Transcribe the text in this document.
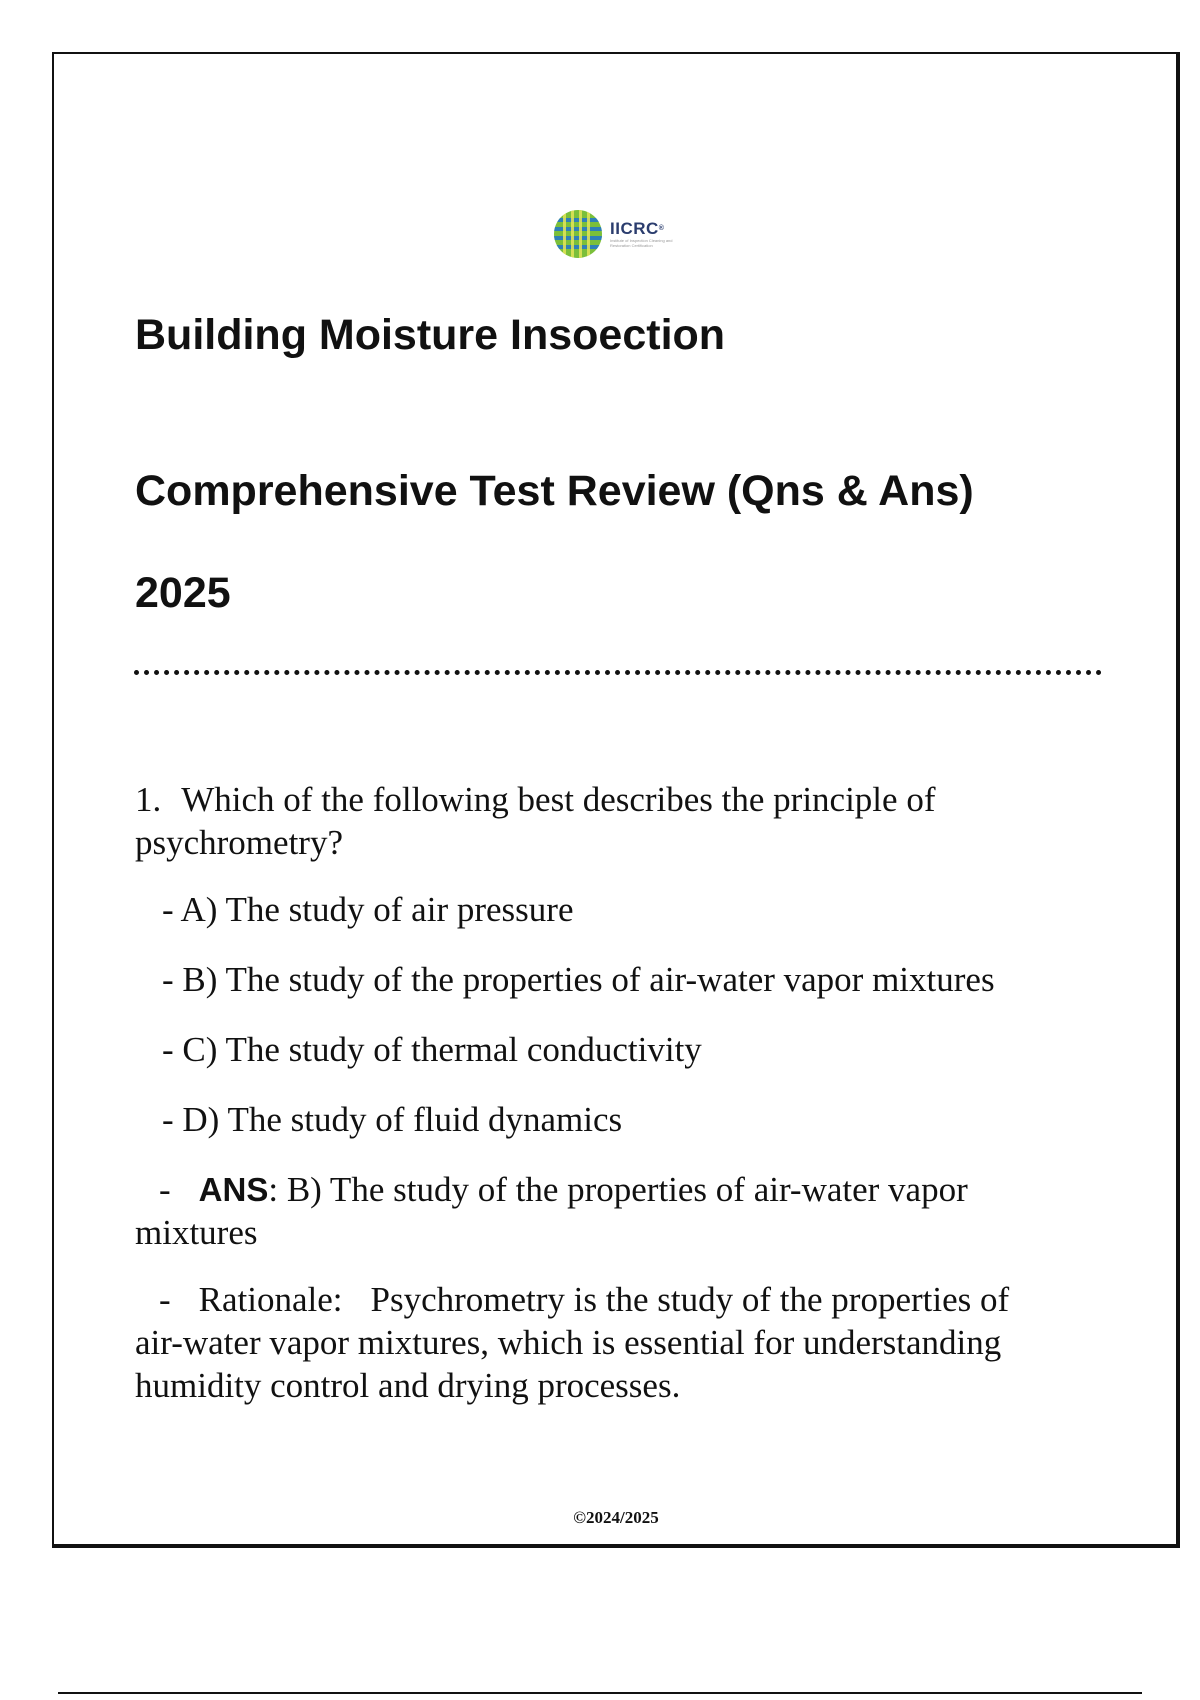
IICRC®
Institute of Inspection Cleaning and Restoration Certification
Building Moisture Insoection
Comprehensive Test Review (Qns & Ans)
2025
1. Which of the following best describes the principle of psychrometry?
- A) The study of air pressure
- B) The study of the properties of air-water vapor mixtures
- C) The study of thermal conductivity
- D) The study of fluid dynamics
- ANS: B) The study of the properties of air-water vapor mixtures
- Rationale: Psychrometry is the study of the properties of air-water vapor mixtures, which is essential for understanding humidity control and drying processes.
©2024/2025
